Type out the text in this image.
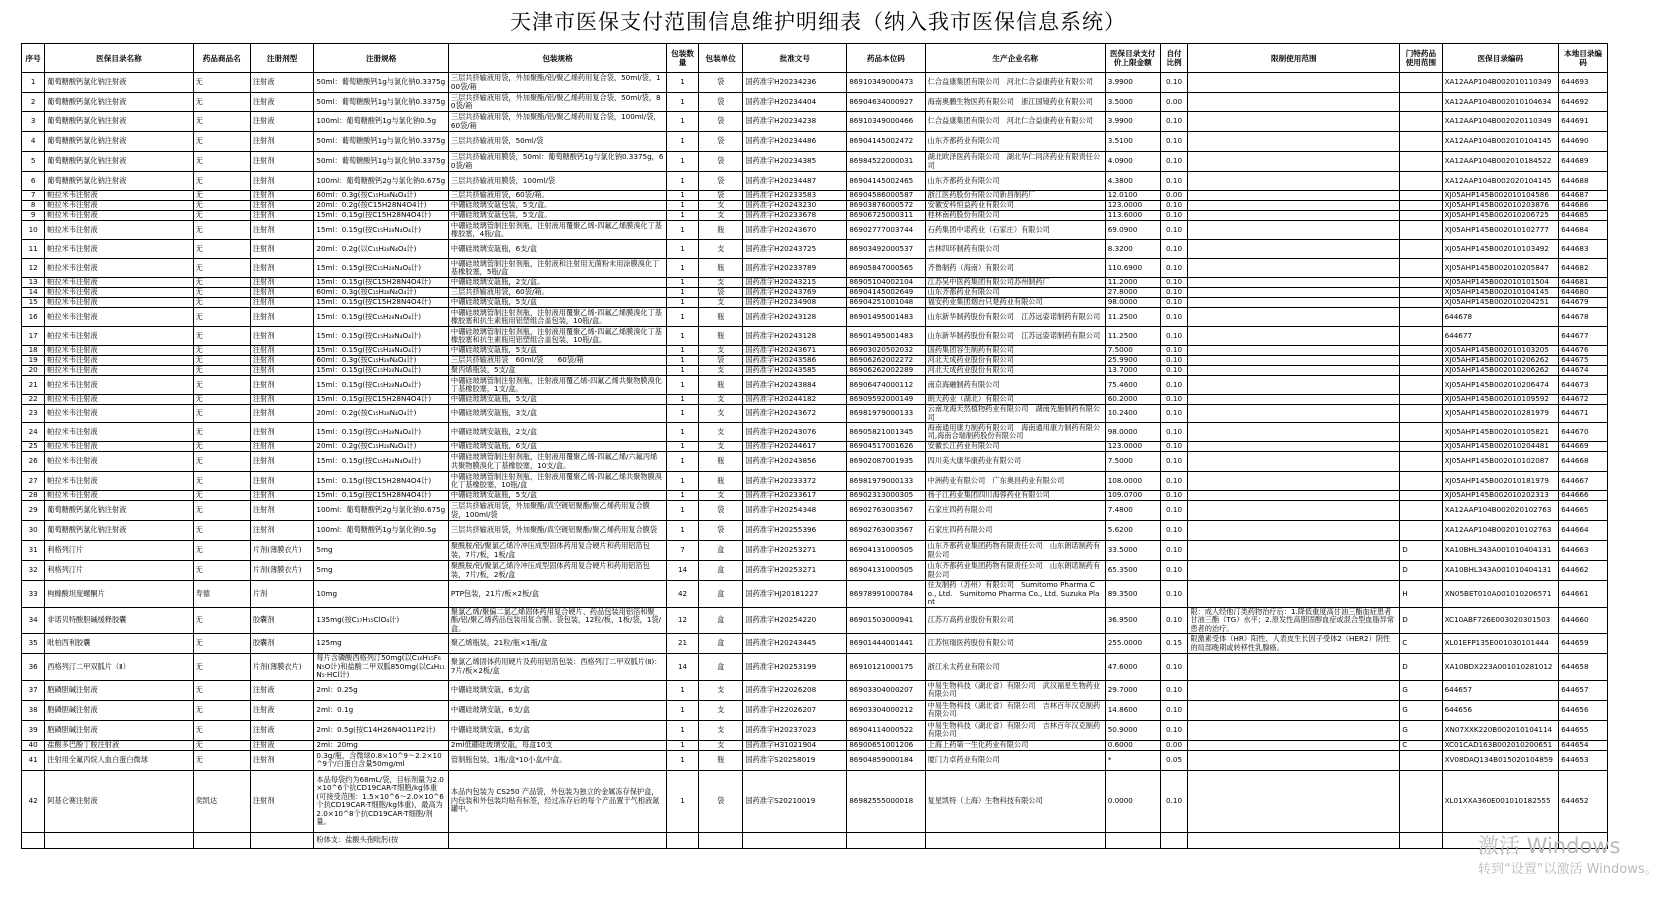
天津市医保支付范围信息维护明细表（纳入我市医保信息系统）
序号	医保目录名称	药品商品名	注册剂型	注册规格	包装规格	包装数量	包装单位	批准文号	药品本位码	生产企业名称	医保目录支付价上限金额	自付比例	限制使用范围	门特药品使用范围	医保目录编码	本地目录编码
1	葡萄糖酸钙氯化钠注射液	无	注射液	50ml：葡萄糖酸钙1g与氯化钠0.3375g	三层共挤输液用袋，外加聚酯/铝/聚乙烯药用复合袋，50ml/袋，100袋/箱	1	袋	国药准字H20234236	86910349000473	仁合益康集团有限公司　河北仁合益康药业有限公司	3.9900	0.10			XA12AAP104B002010110349	644693
2	葡萄糖酸钙氯化钠注射液	无	注射液	50ml：葡萄糖酸钙1g与氯化钠0.3375g	三层共挤输液用袋，外加聚酯/铝/聚乙烯药用复合袋，50ml/袋，80袋/箱	1	袋	国药准字H20234404	86904634000927	海南奥鹏生物医药有限公司　浙江国镜药业有限公司	3.5000	0.00			XA12AAP104B002010104634	644692
3	葡萄糖酸钙氯化钠注射液	无	注射液	100ml：葡萄糖酸钙1g与氯化钠0.5g	三层共挤输液用袋，外加聚酯/铝/聚乙烯药用复合袋，100ml/袋，60袋/箱	1	袋	国药准字H20234238	86910349000466	仁合益康集团有限公司　河北仁合益康药业有限公司	3.9900	0.10			XA12AAP104B002020110349	644691
4	葡萄糖酸钙氯化钠注射液	无	注射剂	50ml：葡萄糖酸钙1g与氯化钠0.3375g	三层共挤输液用袋，50ml/袋	1	袋	国药准字H20234486	86904145002472	山东齐都药业有限公司	3.5100	0.10			XA12AAP104B002010104145	644690
5	葡萄糖酸钙氯化钠注射液	无	注射剂	50ml：葡萄糖酸钙1g与氯化钠0.3375g	三层共挤输液用膜袋，50ml：葡萄糖酸钙1g与氯化钠0.3375g，60袋/箱	1	袋	国药准字H20234385	86984522000031	湖北欧泽医药有限公司　湖北华仁同济药业有限责任公司	4.0900	0.10			XA12AAP104B002010184522	644689
6	葡萄糖酸钙氯化钠注射液	无	注射剂	100ml：葡萄糖酸钙2g与氯化钠0.675g	三层共挤输液用膜袋，100ml/袋	1	袋	国药准字H20234487	86904145002465	山东齐都药业有限公司	4.3800	0.10			XA12AAP104B002020104145	644688
7	帕拉米韦注射液	无	注射剂	60ml：0.3g(按C₁₅H₂₈N₄O₄计)	三层共挤输液用袋，60袋/箱。	1	袋	国药准字H20233583	86904586000587	浙江医药股份有限公司新昌制药厂	12.0100	0.00			XJ05AHP145B002010104586	644687
8	帕拉米韦注射液	无	注射剂	20ml：0.2g(按C15H28N4O4计)	中硼硅玻璃安瓿包装，5支/盒。	1	支	国药准字H20243230	86903876000572	安徽安科恒益药业有限公司	123.0000	0.10			XJ05AHP145B002010203876	644686
9	帕拉米韦注射液	无	注射剂	15ml：0.15g(按C15H28N4O4计)	中硼硅玻璃安瓿包装，5支/盒。	1	支	国药准字H20233678	86906725000311	桂林南药股份有限公司	113.6000	0.10			XJ05AHP145B002010206725	644685
10	帕拉米韦注射液	无	注射剂	15ml：0.15g(按C₁₅H₂₈N₄O₄计)	中硼硅玻璃管制注射剂瓶，注射液用覆聚乙烯-四氟乙烯膜溴化丁基橡胶塞，4瓶/盒。	1	瓶	国药准字H20243670	86902777003744	石药集团中诺药业（石家庄）有限公司	69.0900	0.10			XJ05AHP145B002010102777	644684
11	帕拉米韦注射液	无	注射剂	20ml：0.2g(以C₁₅H₂₈N₄O₄计)	中硼硅玻璃安瓿瓶，6支/盒	1	支	国药准字H20243725	86903492000537	吉林四环制药有限公司	8.3200	0.10			XJ05AHP145B002010103492	644683
12	帕拉米韦注射液	无	注射剂	15ml：0.15g(按C₁₅H₂₈N₄O₄计)	中硼硅玻璃管制注射剂瓶，注射液和注射用无菌粉末用涂膜溴化丁基橡胶塞，5瓶/盒	1	瓶	国药准字H20233789	86905847000565	齐鲁制药（海南）有限公司	110.6900	0.10			XJ05AHP145B002010205847	644682
13	帕拉米韦注射液	无	注射剂	15ml：0.15g(按C15H28N4O4计)	中硼硅玻璃安瓿瓶，2支/盒。	1	支	国药准字H20243215	86905104002104	江苏吴中医药集团有限公司苏州制药厂	11.2000	0.10			XJ05AHP145B002010101504	644681
14	帕拉米韦注射液	无	注射剂	60ml：0.3g(按C₁₅H₂₈N₄O₄计)	三层共挤输液用袋，60袋/箱。	1	袋	国药准字H20243769	86904145002649	山东齐都药业有限公司	27.8000	0.10			XJ05AHP145B002010104145	644680
15	帕拉米韦注射液	无	注射剂	15ml：0.15g(按C15H28N4O4计)	中硼硅玻璃安瓿瓶，5支/盒	1	支	国药准字H20234908	86904251001048	福安药业集团烟台只楚药业有限公司	98.0000	0.10			XJ05AHP145B002010204251	644679
16	帕拉米韦注射液	无	注射剂	15ml：0.15g(按C₁₅H₂₈N₄O₄计)	中硼硅玻璃管制注射剂瓶，注射液用覆聚乙烯-四氟乙烯膜溴化丁基橡胶塞和抗生素瓶用铝塑组合盖包装，10瓶/盒。	1	瓶	国药准字H20243128	86901495001483	山东新华制药股份有限公司　江苏远姿诺制药有限公司	11.2500	0.10			644678	644678
17	帕拉米韦注射液	无	注射剂	15ml：0.15g(按C₁₅H₂₈N₄O₄计)	中硼硅玻璃管制注射剂瓶，注射液用覆聚乙烯-四氟乙烯膜溴化丁基橡胶塞和抗生素瓶用铝塑组合盖包装，10瓶/盒。	1	瓶	国药准字H20243128	86901495001483	山东新华制药股份有限公司　江苏远姿诺制药有限公司	11.2500	0.10			644677	644677
18	帕拉米韦注射液	无	注射剂	15ml：0.15g(按C₁₅H₂₈N₄O₄计)	中硼硅玻璃安瓿瓶，5支/盒	1	支	国药准字H20243671	86903020502032	国药集团容生制药有限公司	7.5000	0.10			XJ05AHP145B002010103205	644676
19	帕拉米韦注射液	无	注射剂	60ml：0.3g(按C₁₅H₂₈N₄O₄计)	三层共挤输液用袋　60ml/袋　　60袋/箱	1	袋	国药准字H20243586	86906262002272	河北天成药业股份有限公司	25.9900	0.10			XJ05AHP145B002010206262	644675
20	帕拉米韦注射液	无	注射剂	15ml：0.15g(按C₁₅H₂₈N₄O₄计)	聚丙烯瓶装，5支/盒	1	支	国药准字H20243585	86906262002289	河北天成药业股份有限公司	13.7000	0.10			XJ05AHP145B002010206262	644674
21	帕拉米韦注射液	无	注射剂	15ml：0.15g(按C₁₅H₂₈N₄O₄计)	中硼硅玻璃管制注射剂瓶，注射液用覆乙烯-四氟乙烯共聚物膜溴化丁基橡胶塞，1支/盒。	1	瓶	国药准字H20243884	86906474000112	南京海融制药有限公司	75.4600	0.10			XJ05AHP145B002010206474	644673
22	帕拉米韦注射液	无	注射剂	15ml：0.15g(按C15H28N4O4计)	中硼硅玻璃安瓿瓶，5支/盒	1	支	国药准字H20244182	86909592000149	朗天药业（湖北）有限公司	60.2000	0.10			XJ05AHP145B002010109592	644672
23	帕拉米韦注射液	无	注射剂	20ml：0.2g(按C₁₅H₂₈N₄O₄计)	中硼硅玻璃安瓿瓶，3支/盒	1	支	国药准字H20243672	86981979000133	云南龙海天然植物药业有限公司　湖南先施制药有限公司	10.2400	0.10			XJ05AHP145B002010281979	644671
24	帕拉米韦注射液	无	注射剂	15ml：0.15g(按C₁₅H₂₈N₄O₄计)	中硼硅玻璃安瓿瓶，2支/盒	1	支	国药准字H20243076	86905821001345	海南通用康力制药有限公司　海南通用康力制药有限公司,海南合瑞制药股份有限公司	98.0000	0.10			XJ05AHP145B002010105821	644670
25	帕拉米韦注射液	无	注射剂	20ml：0.2g(按C₁₅H₂₈N₄O₄计)	中硼硅玻璃安瓿瓶，6支/盒	1	支	国药准字H20244617	86904517001626	安徽长江药业有限公司	123.0000	0.10			XJ05AHP145B002010204481	644669
26	帕拉米韦注射液	无	注射剂	15ml：0.15g(按C₁₅H₂₈N₄O₄计)	中硼硅玻璃管制注射剂瓶，注射液用覆聚乙烯-四氟乙烯/六氟丙烯共聚物膜溴化丁基橡胶塞，10支/盒。	1	瓶	国药准字H20243856	86902087001935	四川美大康华康药业有限公司	7.5000	0.10			XJ05AHP145B002010102087	644668
27	帕拉米韦注射液	无	注射剂	15ml：0.15g(按C15H28N4O4计)	中硼硅玻璃管制注射剂瓶，注射液用覆聚乙烯-四氟乙烯共聚物膜溴化丁基橡胶塞，10瓶/盒	1	瓶	国药准字H20233372	86981979000133	中洲药业有限公司　广东奥昌药业有限公司	108.0000	0.10			XJ05AHP145B002010181979	644667
28	帕拉米韦注射液	无	注射剂	15ml：0.15g(按C15H28N4O4计)	中硼硅玻璃安瓿瓶，5支/盒	1	支	国药准字H20233617	86902313000305	扬子江药业集团四川海蓉药业有限公司	109.0700	0.10			XJ05AHP145B002010202313	644666
29	葡萄糖酸钙氯化钠注射液	无	注射剂	100ml：葡萄糖酸钙2g与氯化钠0.675g	三层共挤输液用袋，外加聚酯/真空镀铝聚酯/聚乙烯药用复合膜袋，100ml/袋	1	袋	国药准字H20254348	86902763003567	石家庄四药有限公司	7.4800	0.10			XA12AAP104B002020102763	644665
30	葡萄糖酸钙氯化钠注射液	无	注射剂	100ml：葡萄糖酸钙1g与氯化钠0.5g	三层共挤输液用袋，外加聚酯/真空镀铝聚酯/聚乙烯药用复合膜袋	1	袋	国药准字H20255396	86902763003567	石家庄四药有限公司	5.6200	0.10			XA12AAP104B002010102763	644664
31	利格列汀片	无	片剂(薄膜衣片)	5mg	聚酰胺/铝/聚氯乙烯冷冲压成型固体药用复合硬片和药用铝箔包装，7片/板，1板/盒	7	盒	国药准字H20253271	86904131000505	山东齐都药业集团药物有限责任公司　山东朗诺制药有限公司	33.5000	0.10		D	XA10BHL343A001010404131	644663
32	利格列汀片	无	片剂(薄膜衣片)	5mg	聚酰胺/铝/聚氯乙烯冷冲压成型固体药用复合硬片和药用铝箔包装，7片/板，2板/盒	14	盒	国药准字H20253271	86904131000505	山东齐都药业集团药物有限责任公司　山东朗诺制药有限公司	65.3500	0.10		D	XA10BHL343A001010404131	644662
33	枸橼酸坦度螺酮片	寿德	片剂	10mg	PTP包装，21片/板×2板/盒	42	盒	国药准字HJ20181227	86978991000784	住友制药（苏州）有限公司　Sumitomo Pharma Co., Ltd.　Sumitomo Pharma Co., Ltd. Suzuka Plant	89.3500	0.10		H	XN05BET010A001010206571	644661
34	非诺贝特酸胆碱缓释胶囊	无	胶囊剂	135mg(按C₁₇H₁₅ClO₄计)	聚氯乙烯/聚偏二氯乙烯固体药用复合硬片、药品包装用铝箔和聚酯/铝/聚乙烯药品包装用复合膜、袋包装，12粒/板，1板/袋，1袋/盒。	12	盒	国药准字H20254220	86901503000941	江苏万高药业股份有限公司	36.9500	0.10	限：成人经他汀类药物治疗后：1.降低重度高甘油三酯血症患者甘油三酯（TG）水平；2.原发性高胆固醇血症或混合型血脂异常患者的治疗。	D	XC10ABF726E003020301503	644660
35	吡柏西利胶囊	无	胶囊剂	125mg	聚乙烯瓶装，21粒/瓶×1瓶/盒	21	盒	国药准字H20243445	86901444001441	江苏恒瑞医药股份有限公司	255.0000	0.15	限激素受体（HR）阳性、人表皮生长因子受体2（HER2）阴性的局部晚期或转移性乳腺癌。	C	XL01EFP135E001030101444	644659
36	西格列汀二甲双胍片（Ⅱ）	无	片剂(薄膜衣片)	每片含磷酸西格列汀50mg(以C₁₆H₁₅F₆N₅O计)和盐酸二甲双胍850mg(以C₄H₁₁N₅·HCl计)	聚氯乙烯固体药用硬片及药用铝箔包装：西格列汀二甲双胍片(Ⅱ)：7片/板×2板/盒	14	盒	国药准字H20253199	86910121000175	浙江永太药业有限公司	47.6000	0.10		D	XA10BDX223A001010281012	644658
37	胞磷胆碱注射液	无	注射液	2ml：0.25g	中硼硅玻璃安瓿，6支/盒	1	支	国药准字H22026208	86903304000207	中易生物科技（湖北省）有限公司　武汉福星生物药业有限公司	29.7000	0.10		G	644657	644657
38	胞磷胆碱注射液	无	注射液	2ml：0.1g	中硼硅玻璃安瓿，6支/盒	1	支	国药准字H22026207	86903304000212	中易生物科技（湖北省）有限公司　吉林百年汉克制药有限公司	14.8600	0.10		G	644656	644656
39	胞磷胆碱注射液	无	注射液	2ml：0.5g(按C14H26N4O11P2计)	中硼硅玻璃安瓿，6支/盒	1	支	国药准字H20237023	86904114000522	中易生物科技（湖北省）有限公司　吉林百年汉克制药有限公司	50.9000	0.10		G	XN07XXK220B002010104114	644655
40	盐酸多巴酚丁胺注射液	无	注射液	2ml：20mg	2ml低硼硅玻璃安瓿，每盒10支	1	支	国药准字H31021904	86900651001206	上海上药第一生化药业有限公司	0.6000	0.00		C	XC01CAD163B002010200651	644654
41	注射用全氟丙烷人血白蛋白微球	无	注射剂	0.3g/瓶，含微球0.8×10^9～2.2×10^9个/白蛋白含量50mg/ml	管制瓶包装，1瓶/盒*10小盒/中盒。	1	瓶	国药准字S20258019	86904859000184	厦门力卓药业有限公司	*	0.05			XV08DAQ134B015020104859	644653
42	阿基仑赛注射液	奕凯达	注射剂	本品每袋约为68mL/袋，目标剂量为2.0×10^6个抗CD19CAR-T细胞/kg体重(可接受范围：1.5×10^6～2.0×10^6个抗CD19CAR-T细胞/kg体重)，最高为2.0×10^8个抗CD19CAR-T细胞/剂量。	本品内包装为 CS250 产品袋，外包装为独立的金属冻存保护盒，内包装和外包装均贴有标签，经过冻存后的每个产品置于气相液氮罐中。	1	袋	国药准字S20210019	86982555000018	复星凯特（上海）生物科技有限公司	0.0000	0.10			XL01XXA360E001010182555	644652
				粉体支：盐酸头孢吡肟(按													激活 Windows
转到“设置”以激活 Windows。
